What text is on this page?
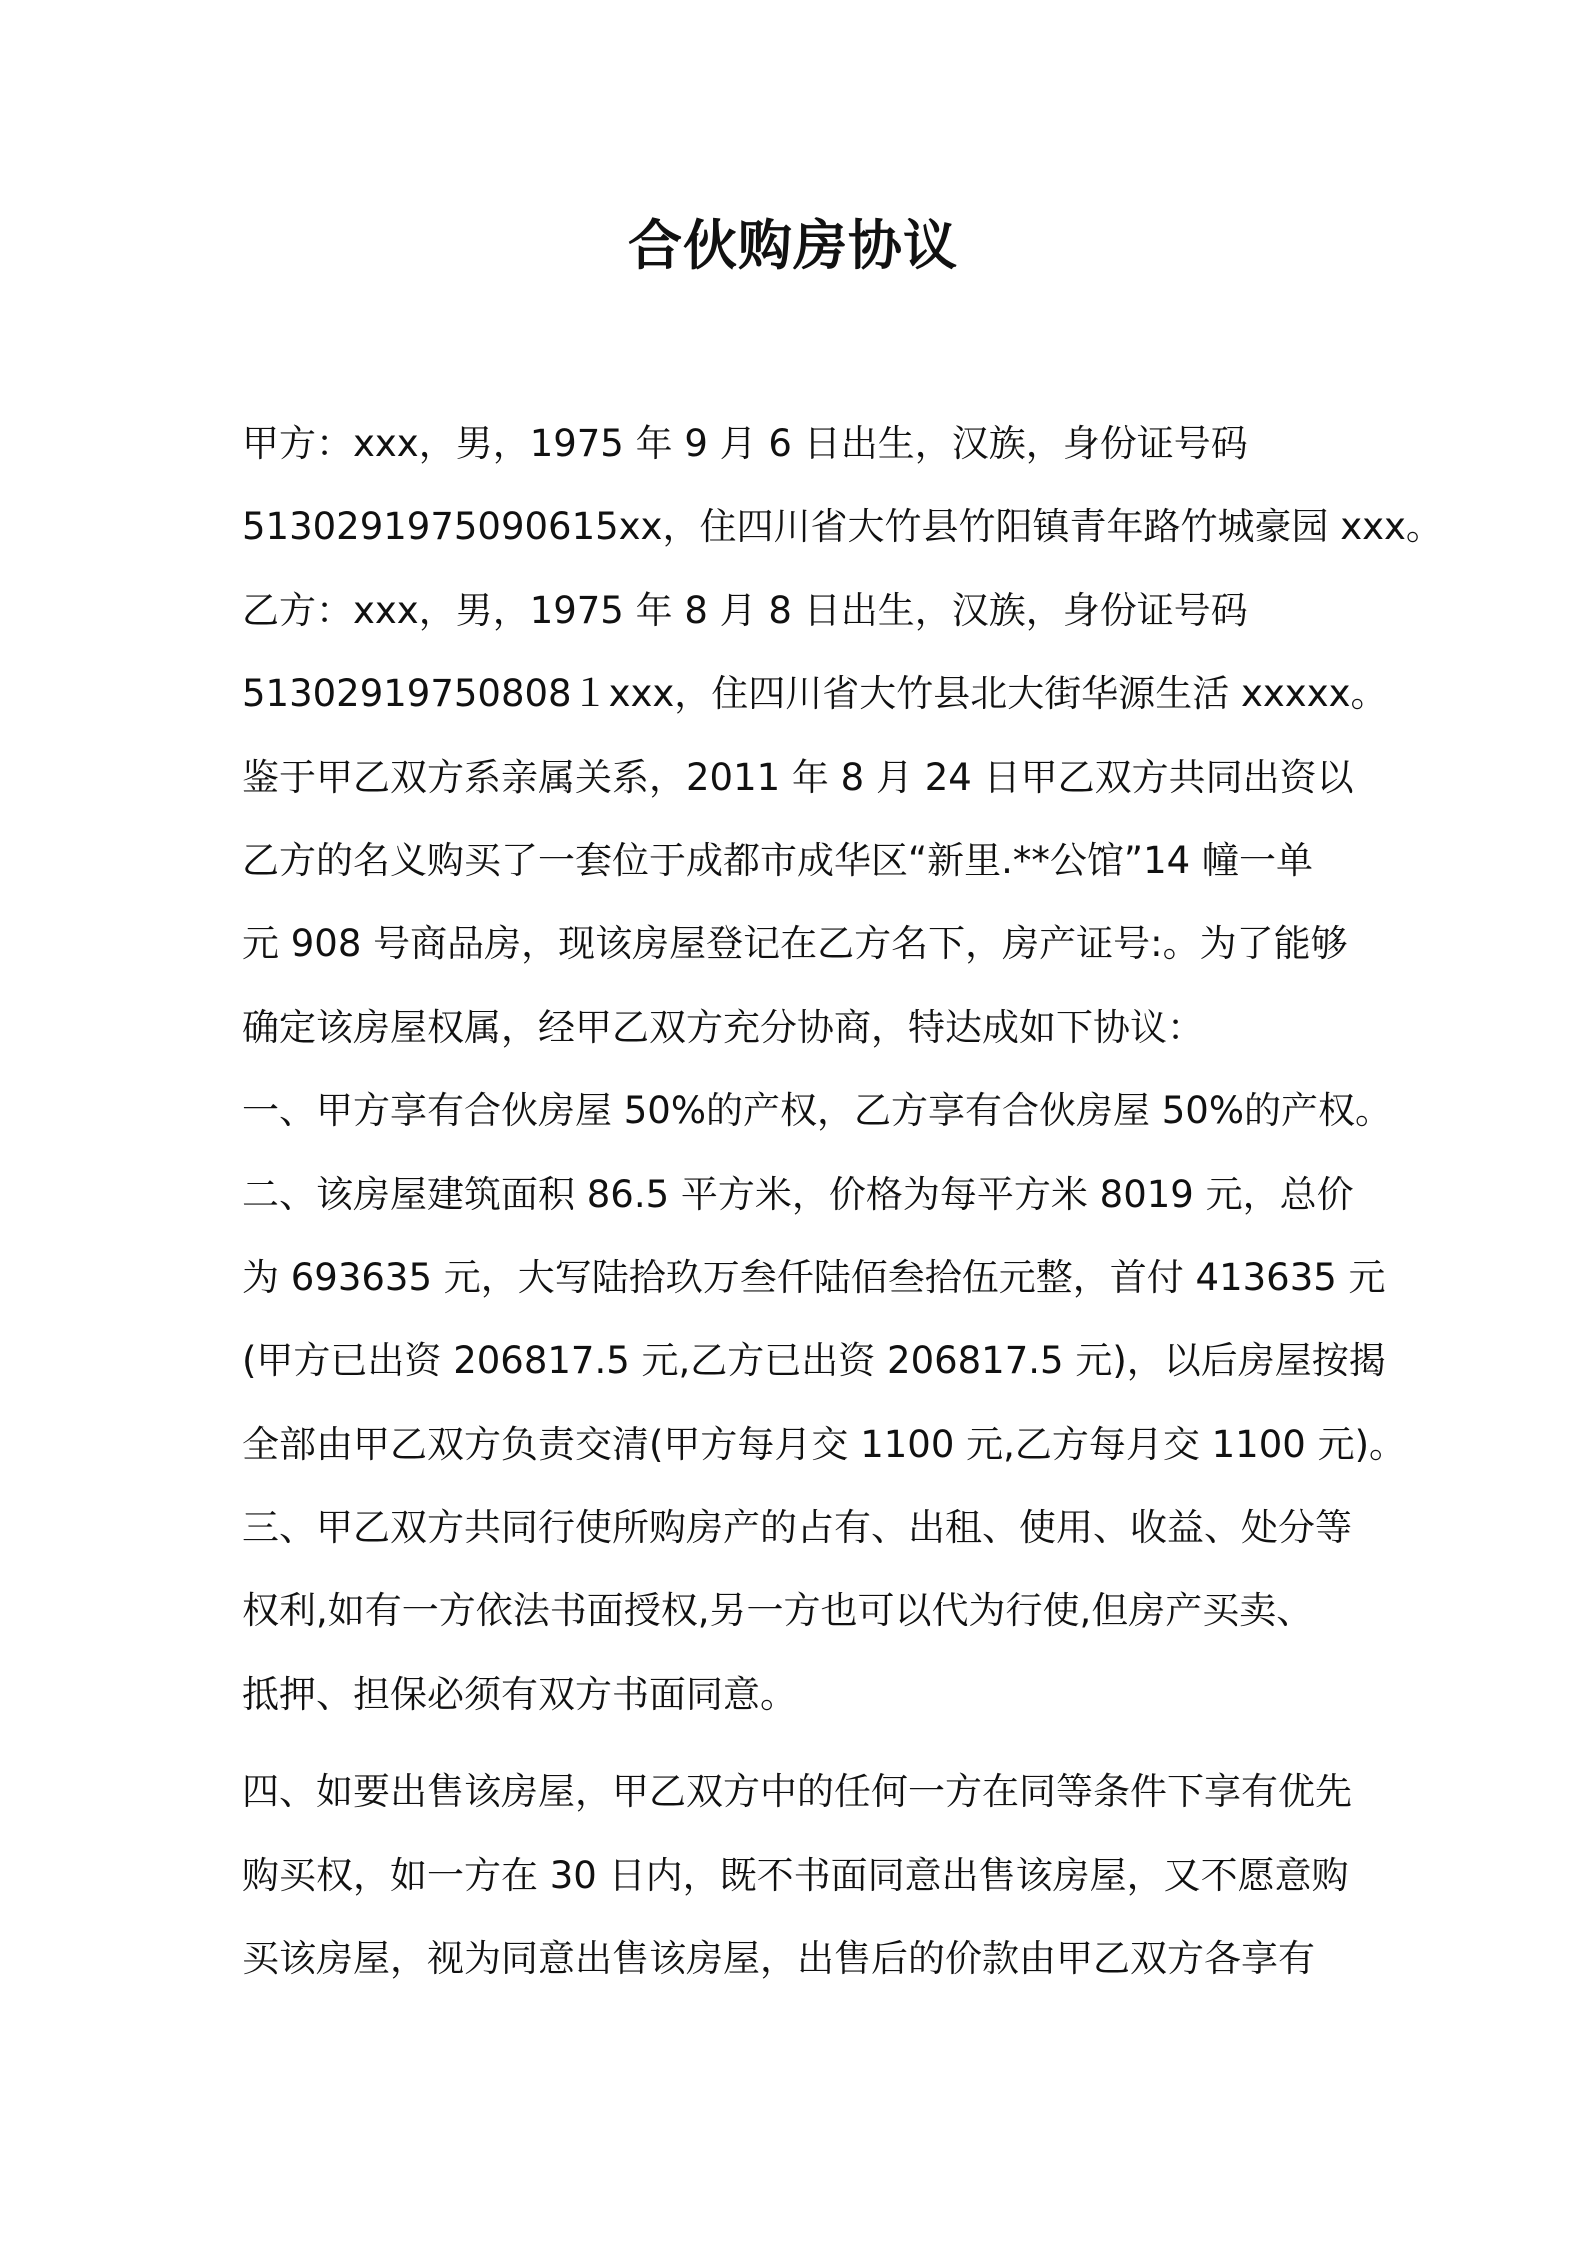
合伙购房协议
甲方：xxx，男，1975 年 9 月 6 日出生，汉族，身份证号码
5130291975090615xx，住四川省大竹县竹阳镇青年路竹城豪园 xxx。
乙方：xxx，男，1975 年 8 月 8 日出生，汉族，身份证号码
51302919750808１xxx，住四川省大竹县北大街华源生活 xxxxx。
鉴于甲乙双方系亲属关系，2011 年 8 月 24 日甲乙双方共同出资以
乙方的名义购买了一套位于成都市成华区“新里.**公馆”14 幢一单
元 908 号商品房，现该房屋登记在乙方名下，房产证号:。为了能够
确定该房屋权属，经甲乙双方充分协商，特达成如下协议：
一、甲方享有合伙房屋 50%的产权，乙方享有合伙房屋 50%的产权。
二、该房屋建筑面积 86.5 平方米，价格为每平方米 8019 元，总价
为 693635 元，大写陆拾玖万叁仟陆佰叁拾伍元整，首付 413635 元
(甲方已出资 206817.5 元,乙方已出资 206817.5 元)，以后房屋按揭
全部由甲乙双方负责交清(甲方每月交 1100 元,乙方每月交 1100 元)。
三、甲乙双方共同行使所购房产的占有、出租、使用、收益、处分等
权利,如有一方依法书面授权,另一方也可以代为行使,但房产买卖、
抵押、担保必须有双方书面同意。
四、如要出售该房屋，甲乙双方中的任何一方在同等条件下享有优先
购买权，如一方在 30 日内，既不书面同意出售该房屋，又不愿意购
买该房屋，视为同意出售该房屋，出售后的价款由甲乙双方各享有
